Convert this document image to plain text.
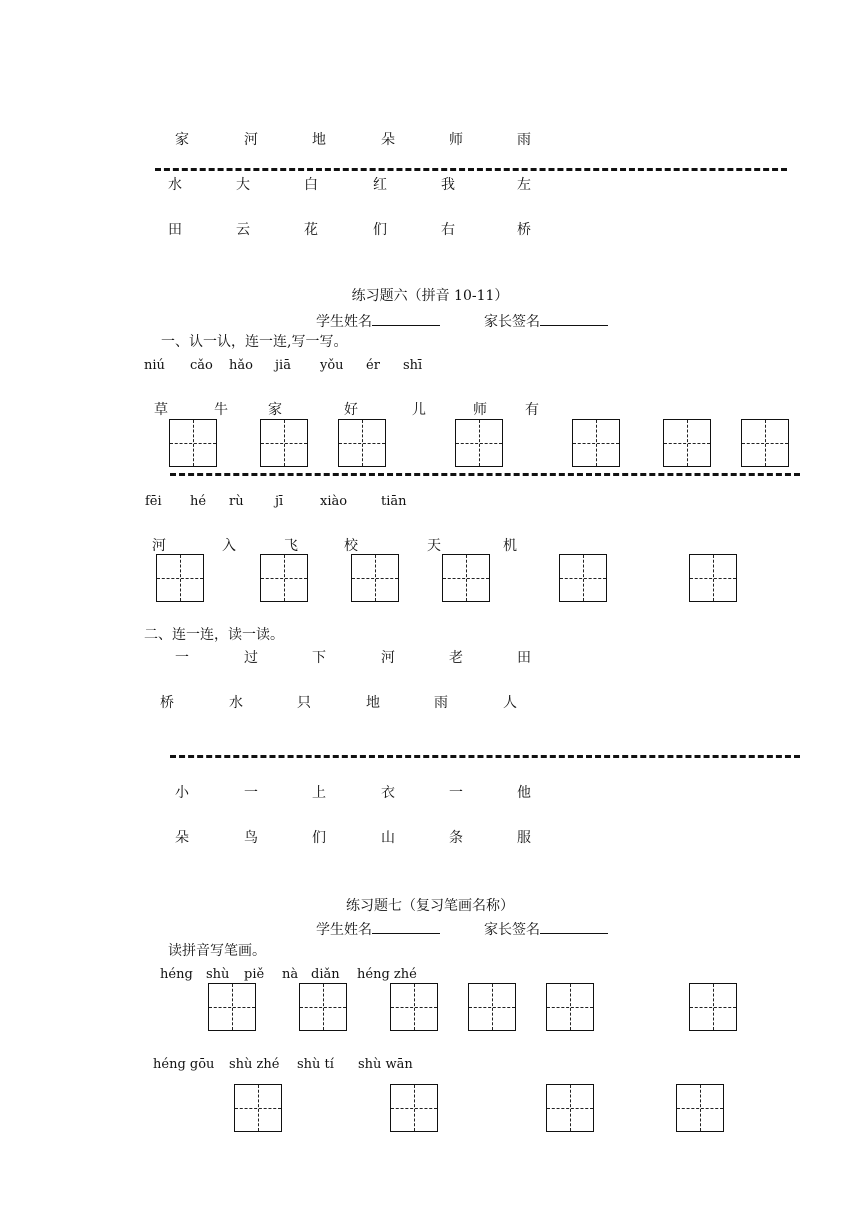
家	河	地	朵	师	雨
水	大	白	红	我	左
田	云	花	们	右	桥
练习题六（拼音 10-11）
学生姓名	家长签名
一、认一认，连一连,写一写。
niú cǎo hǎo jiā yǒu ér shī
草	牛	家	好	儿	师	有
fēi hé rù jī	xiào	tiān
河	入	飞	校	天	机
二、连一连，读一读。
一	过	下	河	老	田
桥	水	只	地	雨	人
小	一	上	衣	一	他
朵	鸟	们	山	条	服
练习题七（复习笔画名称）
学生姓名	家长签名
读拼音写笔画。
héng shù piě nà diǎn héng zhé
héng gōu shù zhé shù tí shù wān
